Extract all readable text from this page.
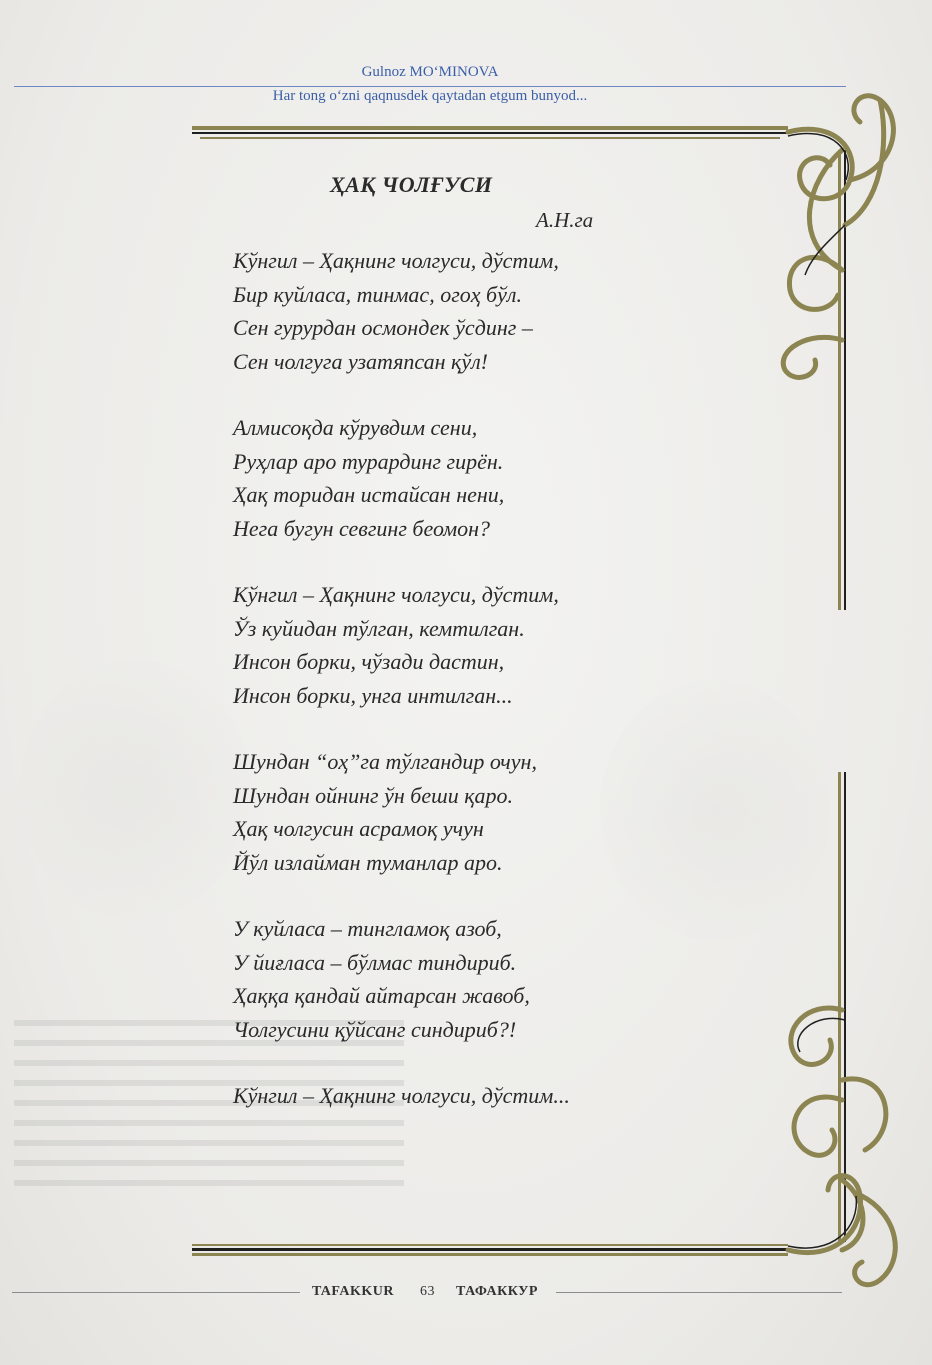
Gulnoz MO‘MINOVA
Har tong o‘zni qaqnusdek qaytadan etgum bunyod...
ҲАҚ ЧОЛҒУСИ
А.Н.га
Кўнгил – Ҳақнинг чолгуси, дўстим,
Бир куйласа, тинмас, огоҳ бўл.
Сен гурурдан осмондек ўсдинг –
Сен чолгуга узатяпсан қўл!
Алмисоқда кўрувдим сени,
Руҳлар аро турардинг гирён.
Ҳақ торидан истайсан нени,
Нега бугун севгинг беомон?
Кўнгил – Ҳақнинг чолгуси, дўстим,
Ўз куйидан тўлган, кемтилган.
Инсон борки, чўзади дастин,
Инсон борки, унга интилган...
Шундан “оҳ”га тўлгандир очун,
Шундан ойнинг ўн беши қаро.
Ҳақ чолгусин асрамоқ учун
Йўл излайман туманлар аро.
У куйласа – тингламоқ азоб,
У йиғласа – бўлмас тиндириб.
Ҳаққа қандай айтарсан жавоб,
Чолгусини қўйсанг синдириб?!
Кўнгил – Ҳақнинг чолгуси, дўстим...
TAFAKKUR 63 ТАФАККУР
